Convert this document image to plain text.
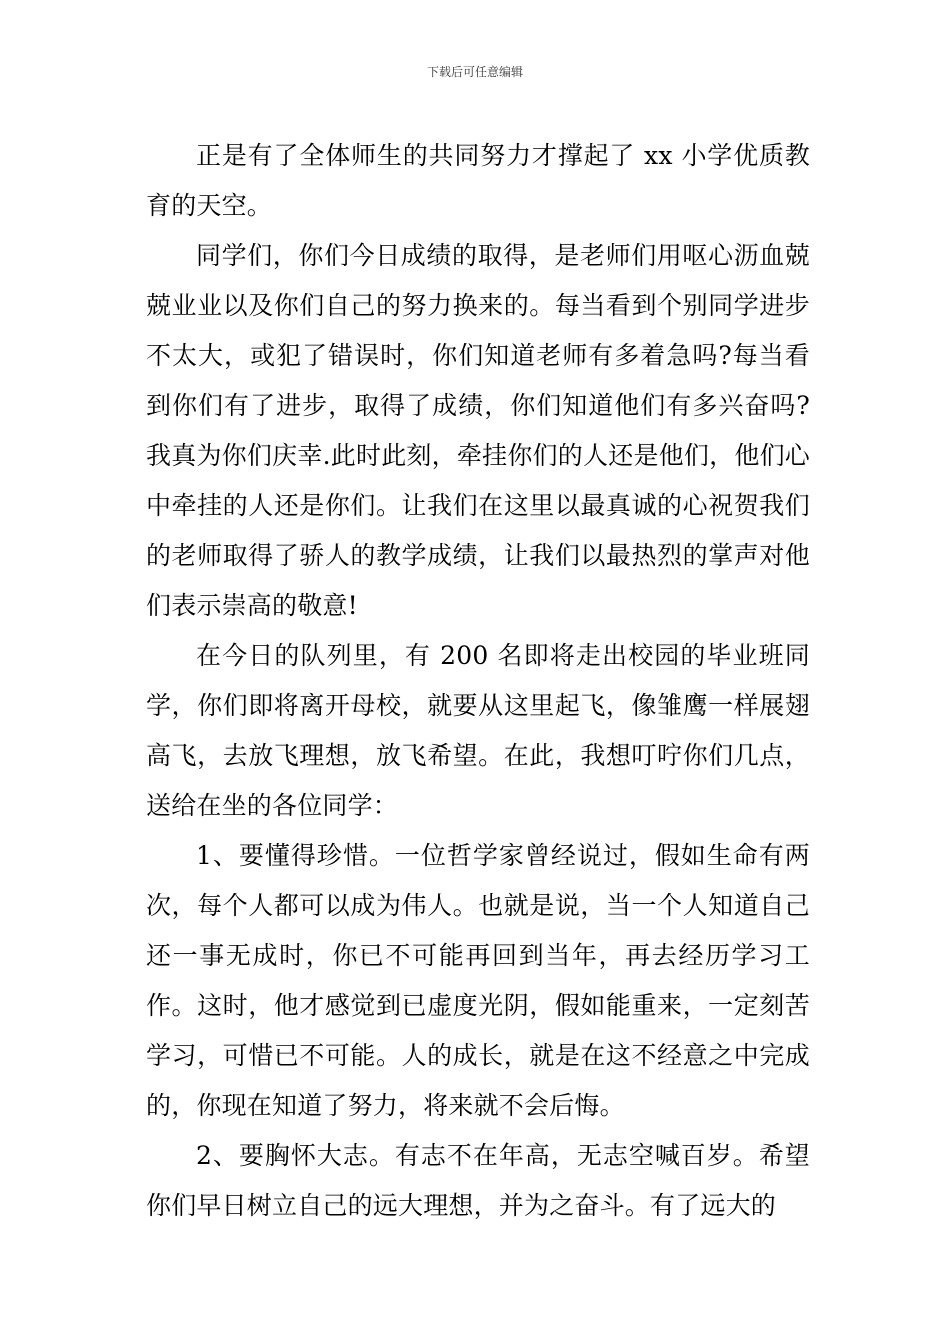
下载后可任意编辑

正是有了全体师生的共同努力才撑起了 xx 小学优质教育的天空。

同学们，你们今日成绩的取得，是老师们用呕心沥血兢兢业业以及你们自己的努力换来的。每当看到个别同学进步不太大，或犯了错误时，你们知道老师有多着急吗?每当看到你们有了进步，取得了成绩，你们知道他们有多兴奋吗?我真为你们庆幸.此时此刻，牵挂你们的人还是他们，他们心中牵挂的人还是你们。让我们在这里以最真诚的心祝贺我们的老师取得了骄人的教学成绩，让我们以最热烈的掌声对他们表示崇高的敬意!

在今日的队列里，有 200 名即将走出校园的毕业班同学，你们即将离开母校，就要从这里起飞，像雏鹰一样展翅高飞，去放飞理想，放飞希望。在此，我想叮咛你们几点，送给在坐的各位同学：

1、要懂得珍惜。一位哲学家曾经说过，假如生命有两次，每个人都可以成为伟人。也就是说，当一个人知道自己还一事无成时，你已不可能再回到当年，再去经历学习工作。这时，他才感觉到已虚度光阴，假如能重来，一定刻苦学习，可惜已不可能。人的成长，就是在这不经意之中完成的，你现在知道了努力，将来就不会后悔。

2、要胸怀大志。有志不在年高，无志空喊百岁。希望你们早日树立自己的远大理想，并为之奋斗。有了远大的
